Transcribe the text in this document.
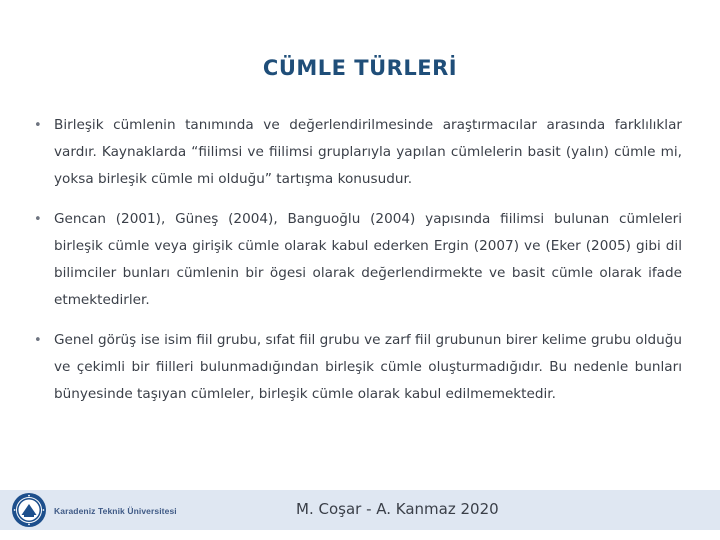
CÜMLE TÜRLERİ
• Birleşik cümlenin tanımında ve değerlendirilmesinde araştırmacılar arasında farklılıklar vardır. Kaynaklarda “fiilimsi ve fiilimsi gruplarıyla yapılan cümlelerin basit (yalın) cümle mi, yoksa birleşik cümle mi olduğu” tartışma konusudur.
• Gencan (2001), Güneş (2004), Banguoğlu (2004) yapısında fiilimsi bulunan cümleleri birleşik cümle veya girişik cümle olarak kabul ederken Ergin (2007) ve (Eker (2005) gibi dil bilimciler bunları cümlenin bir ögesi olarak değerlendirmekte ve basit cümle olarak ifade etmektedirler.
• Genel görüş ise isim fiil grubu, sıfat fiil grubu ve zarf fiil grubunun birer kelime grubu olduğu ve çekimli bir fiilleri bulunmadığından birleşik cümle oluşturmadığıdır. Bu nedenle bunları bünyesinde taşıyan cümleler, birleşik cümle olarak kabul edilmemektedir.
Karadeniz Teknik Üniversitesi	M. Coşar - A. Kanmaz 2020
